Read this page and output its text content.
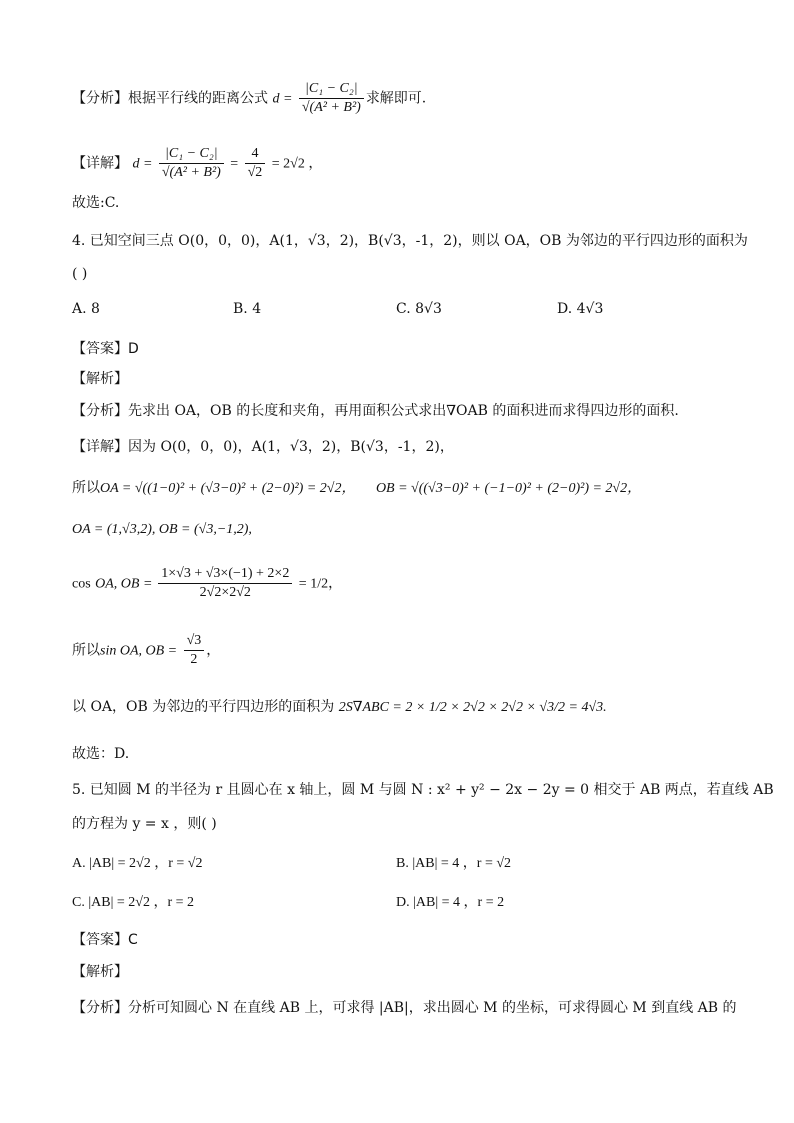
【分析】根据平行线的距离公式 $d = \frac{\text{|C₁ − C₂|}}{\text{√(A² + B²)}}$ 求解即可.
【详解】 $d = \frac{\text{|C₁ − C₂|}}{\text{√(A² + B²)}} = \frac{4}{√2} = 2√2$ ，
故选:C.
4. 已知空间三点 O(0，0，0)，A(1，√3，2)，B(√3，-1，2)，则以 OA，OB 为邻边的平行四边形的面积为
( )
A. 8	B. 4	C. 8√3	D. 4√3
【答案】D
【解析】
【分析】先求出 OA，OB 的长度和夹角，再用面积公式求出∇OAB 的面积进而求得四边形的面积.
【详解】因为 O(0，0，0)，A(1，√3，2)，B(√3，-1，2)，
所以OA = √((1−0)² + (√3−0)² + (2−0)²) = 2√2， OB = √((√3−0)² + (−1−0)² + (2−0)²) = 2√2，
OA = (1,√3,2), OB = (√3,−1,2),
cos OA, OB = $\frac{1\times√3 + √3\times(-1) + 2\times 2}{2√2\times 2√2} = 1/2$，
所以sin OA, OB = $\frac{√3}{2}$ ，
以 OA，OB 为邻边的平行四边形的面积为 2S∇ABC = 2 × 1/2 × 2√2 × 2√2 × √3/2 = 4√3.
故选：D.
5. 已知圆 M 的半径为 r 且圆心在 x 轴上，圆 M 与圆 N : x² + y² − 2x − 2y = 0 相交于 AB 两点，若直线 AB
的方程为 y = x ，则( )
A. |AB| = 2√2 ，r = √2	B. |AB| = 4 ，r = √2
C. |AB| = 2√2 ，r = 2	D. |AB| = 4 ，r = 2
【答案】C
【解析】
【分析】分析可知圆心 N 在直线 AB 上，可求得 |AB|，求出圆心 M 的坐标，可求得圆心 M 到直线 AB 的
